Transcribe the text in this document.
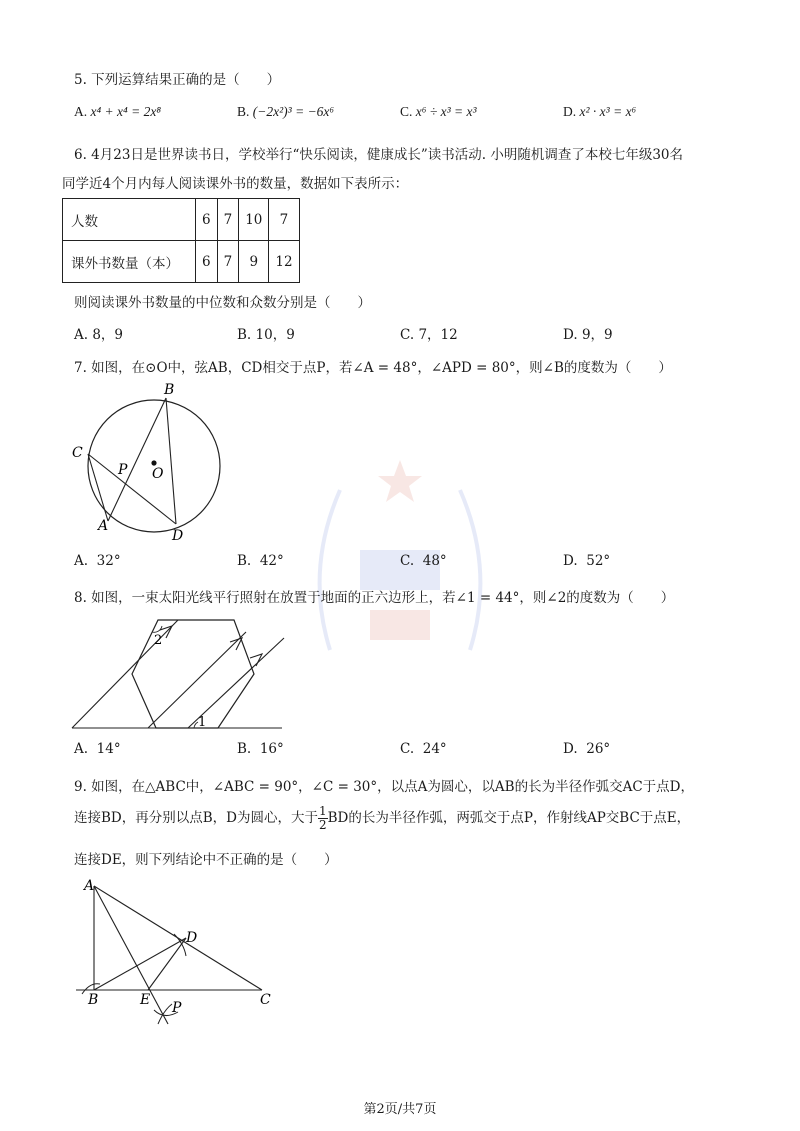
5. 下列运算结果正确的是（　　）
A. x⁴ + x⁴ = 2x⁸	B. (−2x²)³ = −6x⁶	C. x⁶ ÷ x³ = x³	D. x² · x³ = x⁶
6. 4月23日是世界读书日，学校举行“快乐阅读，健康成长”读书活动. 小明随机调查了本校七年级30名
同学近4个月内每人阅读课外书的数量，数据如下表所示：
人数	6	7	10	7
课外书数量（本）	6	7	9	12
则阅读课外书数量的中位数和众数分别是（　　）
A. 8，9	B. 10，9	C. 7，12	D. 9，9
7. 如图，在⊙O中，弦AB，CD相交于点P，若∠A = 48°，∠APD = 80°，则∠B的度数为（　　）
B
C
P O
A
D
A. 32°	B. 42°	C. 48°	D. 52°
8. 如图，一束太阳光线平行照射在放置于地面的正六边形上，若∠1 = 44°，则∠2的度数为（　　）
2
1
A. 14°	B. 16°	C. 24°	D. 26°
9. 如图，在△ABC中，∠ABC = 90°，∠C = 30°，以点A为圆心，以AB的长为半径作弧交AC于点D，
连接BD，再分别以点B，D为圆心，大于 $\frac{1}{2}$ BD的长为半径作弧，两弧交于点P，作射线AP交BC于点E，
连接DE，则下列结论中不正确的是（　　）
A
D
B	E P	C
第2页/共7页
